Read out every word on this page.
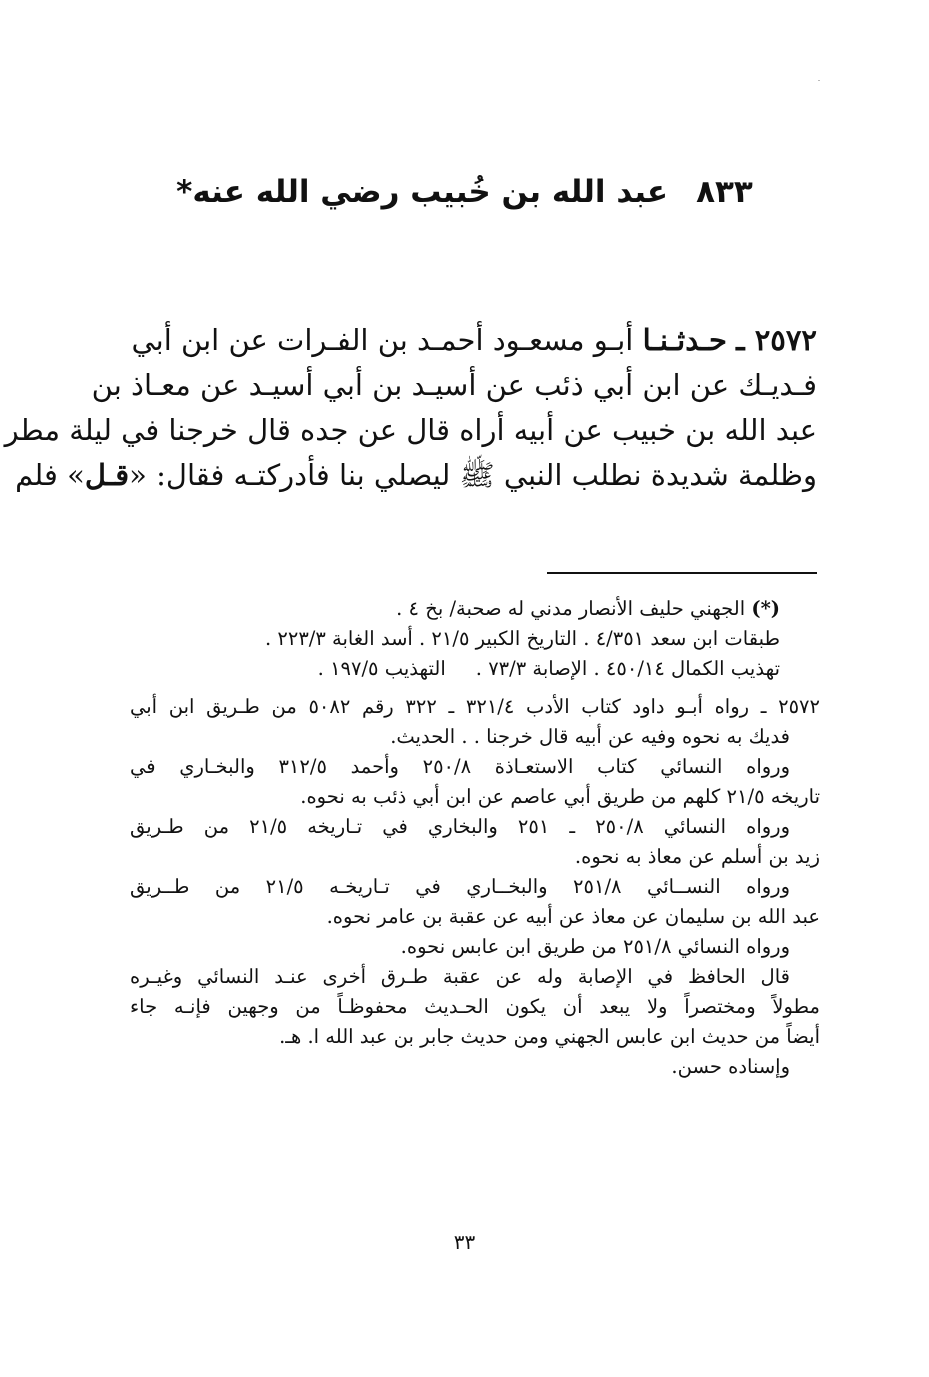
٨٣٣عبد الله بن خُبيب رضي الله عنه*
٢٥٧٢ ـ حـدثـنـا أبـو مسعـود أحمـد بن الفـرات عن ابن أبي
فـديـك عن ابن أبي ذئب عن أسيـد بن أبي أسيـد عن معـاذ بن
عبد الله بن خبيب عن أبيه أراه قال عن جده قال خرجنا في ليلة مطر
وظلمة شديدة نطلب النبي ﷺ ليصلي بنا فأدركتـه فقال: «قـل» فلم
(*) الجهني حليف الأنصار مدني له صحبة/ بخ ٤ .
طبقات ابن سعد ٤/٣٥١ . التاريخ الكبير ٢١/٥ . أسد الغابة ٢٢٣/٣ .
تهذيب الكمال ٤٥٠/١٤ . الإصابة ٧٣/٣ .التهذيب ١٩٧/٥ .
٢٥٧٢ ـ رواه أبـو داود كتاب الأدب ٣٢١/٤ ـ ٣٢٢ رقم ٥٠٨٢ من طـريق ابن أبي
فديك به نحوه وفيه عن أبيه قال خرجنا . . الحديث.
ورواه النسائي كتاب الاستعـاذة ٢٥٠/٨ وأحمد ٣١٢/٥ والبخـاري في
تاريخه ٢١/٥ كلهم من طريق أبي عاصم عن ابن أبي ذئب به نحوه.
ورواه النسائي ٢٥٠/٨ ـ ٢٥١ والبخاري في تـاريخه ٢١/٥ من طـريق
زيد بن أسلم عن معاذ به نحوه.
ورواه النســائي ٢٥١/٨ والبخــاري في تـاريخـه ٢١/٥ من طــريق
عبد الله بن سليمان عن معاذ عن أبيه عن عقبة بن عامر نحوه.
ورواه النسائي ٢٥١/٨ من طريق ابن عابس نحوه.
قال الحافظ في الإصابة وله عن عقبة طـرق أخرى عنـد النسائي وغيـره
مطولاً ومختصراً ولا يبعد أن يكون الحـديث محفوظـاً من وجهين فإنـه جاء
أيضاً من حديث ابن عابس الجهني ومن حديث جابر بن عبد الله ا. هـ.
وإسناده حسن.
٣٣
